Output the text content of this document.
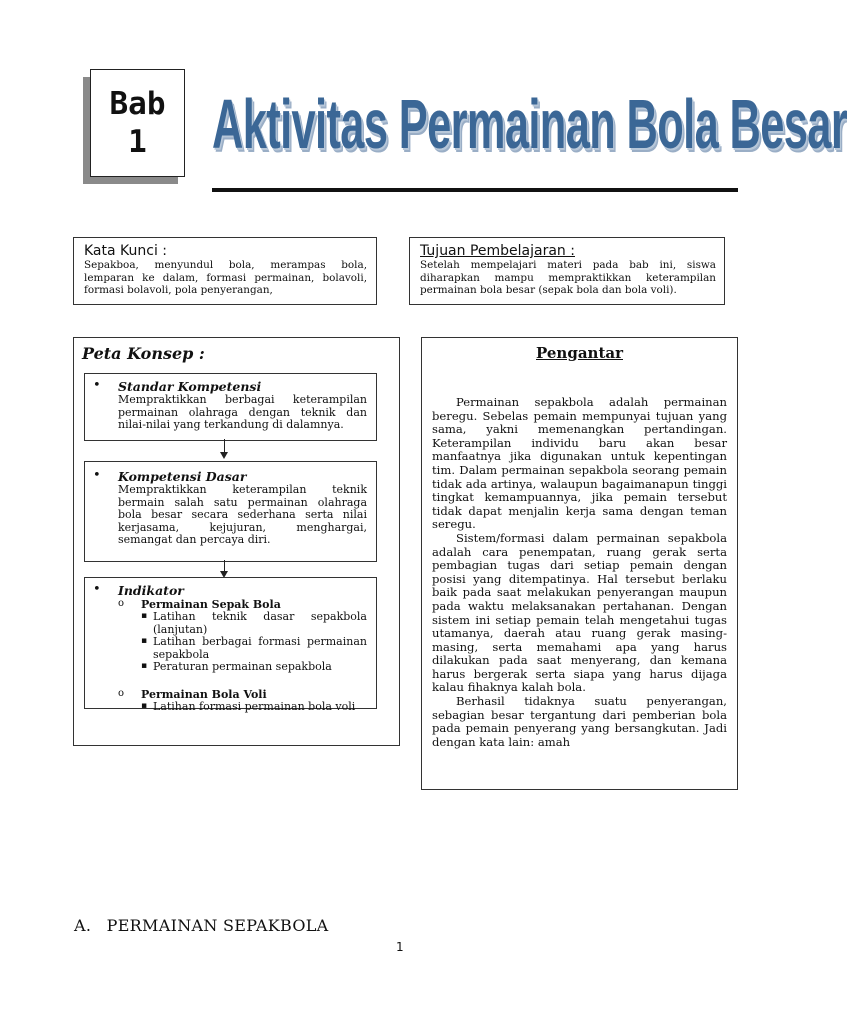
Bab
1 Aktivitas Permainan Bola Besar
Kata Kunci :
Sepakboa, menyundul bola, merampas bola, lemparan ke dalam, formasi permainan, bolavoli, formasi bolavoli, pola penyerangan,
Tujuan Pembelajaran :
Setelah mempelajari materi pada bab ini, siswa diharapkan mampu mempraktikkan keterampilan permainan bola besar (sepak bola dan bola voli).
Peta Konsep :
• Standar Kompetensi
Mempraktikkan berbagai keterampilan permainan olahraga dengan teknik dan nilai-nilai yang terkandung di dalamnya.
• Kompetensi Dasar
Mempraktikkan keterampilan teknik bermain salah satu permainan olahraga bola besar secara sederhana serta nilai kerjasama, kejujuran, menghargai, semangat dan percaya diri.
• Indikator
o Permainan Sepak Bola
▪ Latihan teknik dasar sepakbola (lanjutan)
▪ Latihan berbagai formasi permainan sepakbola
▪ Peraturan permainan sepakbola
o Permainan Bola Voli
▪ Latihan formasi permainan bola voli
Pengantar

Permainan sepakbola adalah permainan beregu. Sebelas pemain mempunyai tujuan yang sama, yakni memenangkan pertandingan. Keterampilan individu baru akan besar manfaatnya jika digunakan untuk kepentingan tim. Dalam permainan sepakbola seorang pemain tidak ada artinya, walaupun bagaimanapun tinggi tingkat kemampuannya, jika pemain tersebut tidak dapat menjalin kerja sama dengan teman seregu.

Sistem/formasi dalam permainan sepakbola adalah cara penempatan, ruang gerak serta pembagian tugas dari setiap pemain dengan posisi yang ditempatinya. Hal tersebut berlaku baik pada saat melakukan penyerangan maupun pada waktu melaksanakan pertahanan. Dengan sistem ini setiap pemain telah mengetahui tugas utamanya, daerah atau ruang gerak masing-masing, serta memahami apa yang harus dilakukan pada saat menyerang, dan kemana harus bergerak serta siapa yang harus dijaga kalau fihaknya kalah bola.

Berhasil tidaknya suatu penyerangan, sebagian besar tergantung dari pemberian bola pada pemain penyerang yang bersangkutan. Jadi dengan kata lain: amah

A. PERMAINAN SEPAKBOLA
1
